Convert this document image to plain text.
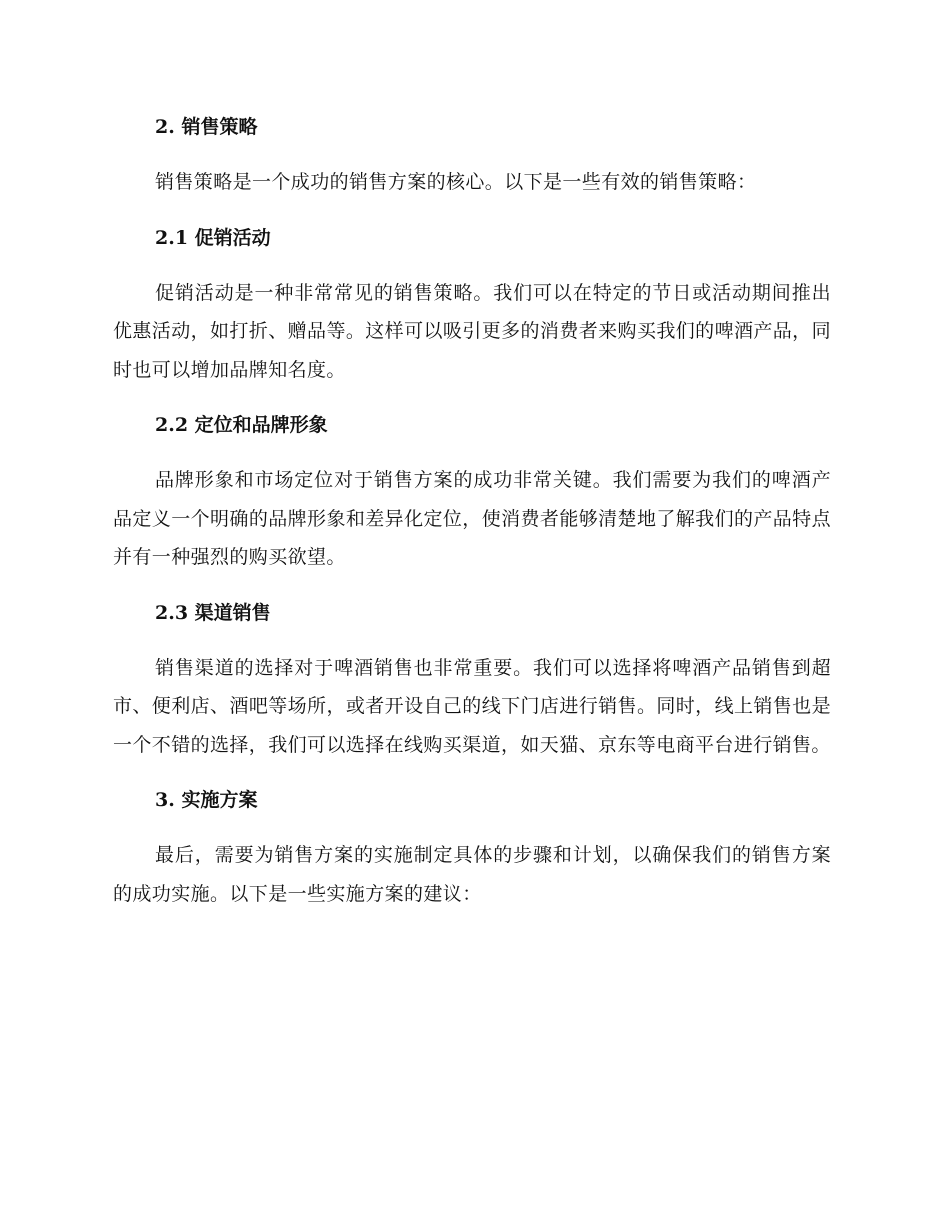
2. 销售策略

销售策略是一个成功的销售方案的核心。以下是一些有效的销售策略：

2.1 促销活动

促销活动是一种非常常见的销售策略。我们可以在特定的节日或活动期间推出优惠活动，如打折、赠品等。这样可以吸引更多的消费者来购买我们的啤酒产品，同时也可以增加品牌知名度。

2.2 定位和品牌形象

品牌形象和市场定位对于销售方案的成功非常关键。我们需要为我们的啤酒产品定义一个明确的品牌形象和差异化定位，使消费者能够清楚地了解我们的产品特点并有一种强烈的购买欲望。

2.3 渠道销售

销售渠道的选择对于啤酒销售也非常重要。我们可以选择将啤酒产品销售到超市、便利店、酒吧等场所，或者开设自己的线下门店进行销售。同时，线上销售也是一个不错的选择，我们可以选择在线购买渠道，如天猫、京东等电商平台进行销售。

3. 实施方案

最后，需要为销售方案的实施制定具体的步骤和计划，以确保我们的销售方案的成功实施。以下是一些实施方案的建议：
